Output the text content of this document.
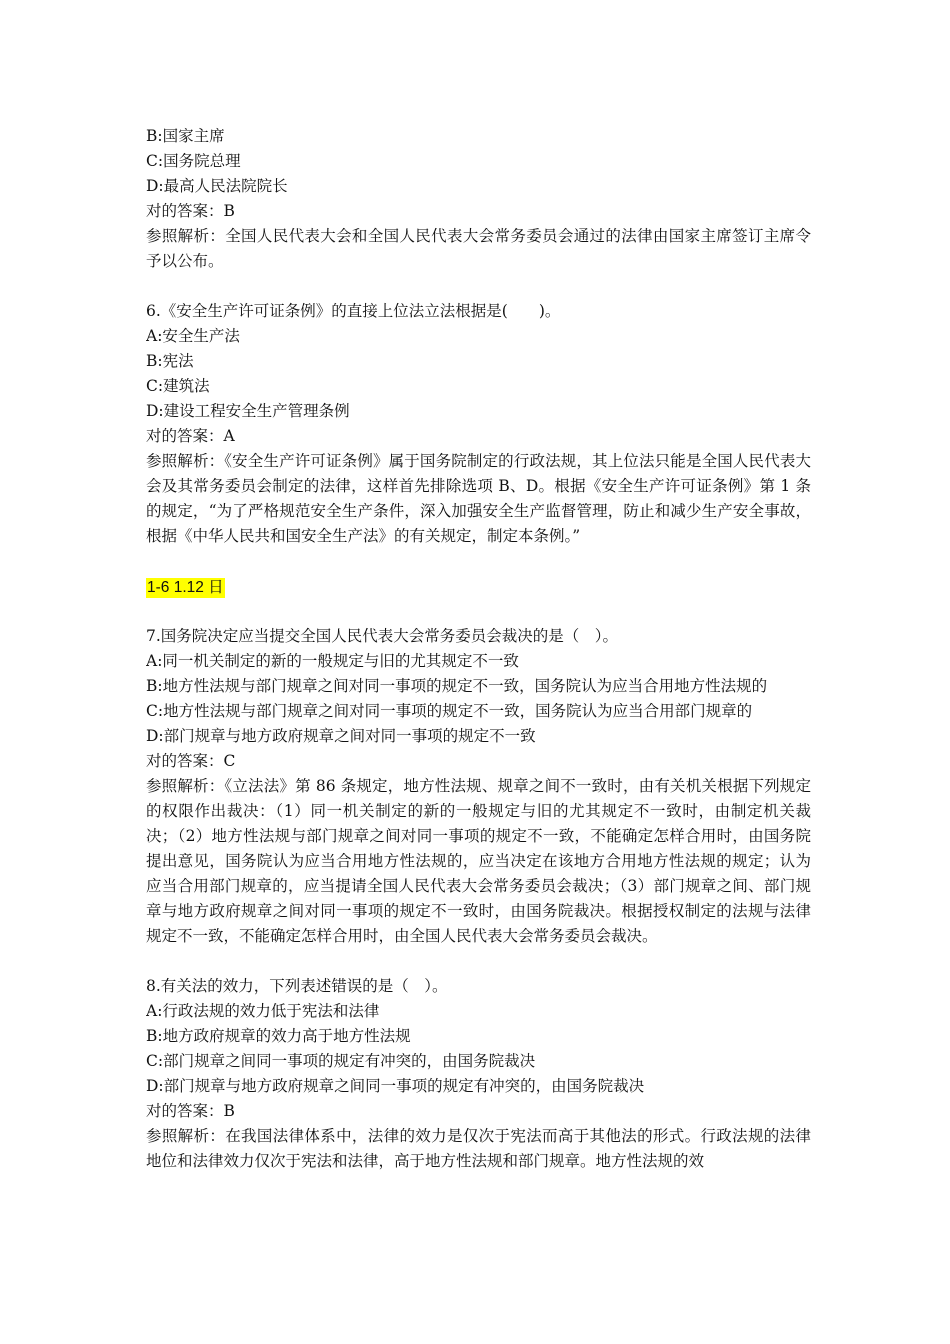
B:国家主席
C:国务院总理
D:最高人民法院院长
对的答案：B
参照解析：全国人民代表大会和全国人民代表大会常务委员会通过的法律由国家主席签订主席令予以公布。
6.《安全生产许可证条例》的直接上位法立法根据是(　　)。
A:安全生产法
B:宪法
C:建筑法
D:建设工程安全生产管理条例
对的答案：A
参照解析：《安全生产许可证条例》属于国务院制定的行政法规，其上位法只能是全国人民代表大会及其常务委员会制定的法律，这样首先排除选项 B、D。根据《安全生产许可证条例》第 1 条的规定，“为了严格规范安全生产条件，深入加强安全生产监督管理，防止和减少生产安全事故，根据《中华人民共和国安全生产法》的有关规定，制定本条例。”
1-6 1.12 日
7.国务院决定应当提交全国人民代表大会常务委员会裁决的是（　）。
A:同一机关制定的新的一般规定与旧的尤其规定不一致
B:地方性法规与部门规章之间对同一事项的规定不一致，国务院认为应当合用地方性法规的
C:地方性法规与部门规章之间对同一事项的规定不一致，国务院认为应当合用部门规章的
D:部门规章与地方政府规章之间对同一事项的规定不一致
对的答案：C
参照解析：《立法法》第 86 条规定，地方性法规、规章之间不一致时，由有关机关根据下列规定的权限作出裁决：（1）同一机关制定的新的一般规定与旧的尤其规定不一致时，由制定机关裁决；（2）地方性法规与部门规章之间对同一事项的规定不一致，不能确定怎样合用时，由国务院提出意见，国务院认为应当合用地方性法规的，应当决定在该地方合用地方性法规的规定；认为应当合用部门规章的，应当提请全国人民代表大会常务委员会裁决；（3）部门规章之间、部门规章与地方政府规章之间对同一事项的规定不一致时，由国务院裁决。根据授权制定的法规与法律规定不一致，不能确定怎样合用时，由全国人民代表大会常务委员会裁决。
8.有关法的效力，下列表述错误的是（　）。
A:行政法规的效力低于宪法和法律
B:地方政府规章的效力高于地方性法规
C:部门规章之间同一事项的规定有冲突的，由国务院裁决
D:部门规章与地方政府规章之间同一事项的规定有冲突的，由国务院裁决
对的答案：B
参照解析：在我国法律体系中，法律的效力是仅次于宪法而高于其他法的形式。行政法规的法律地位和法律效力仅次于宪法和法律，高于地方性法规和部门规章。地方性法规的效
